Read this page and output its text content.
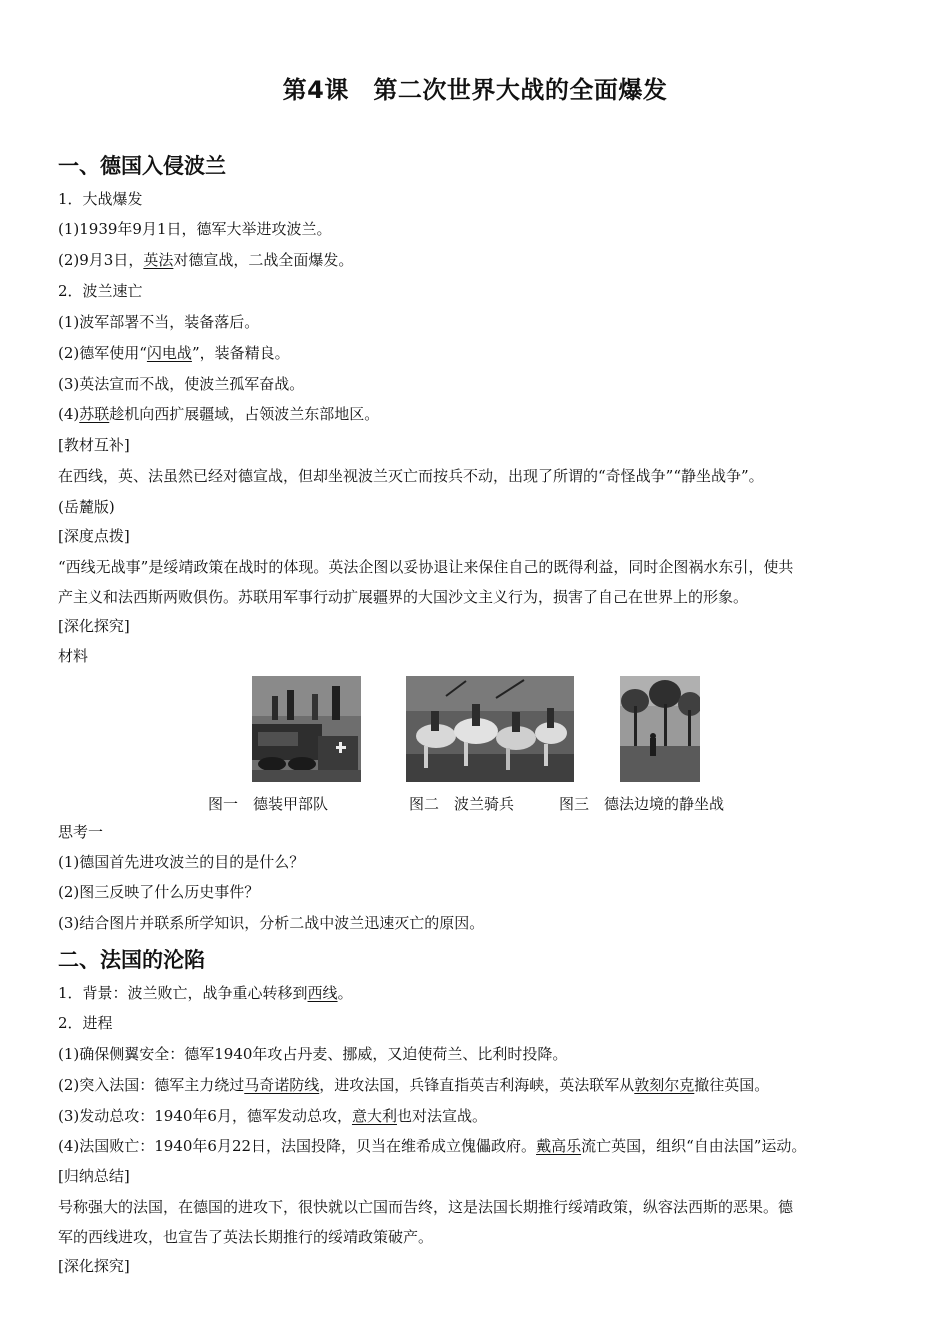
第4课　第二次世界大战的全面爆发
一、德国入侵波兰
1．大战爆发
(1)1939年9月1日，德军大举进攻波兰。
(2)9月3日，英法对德宣战，二战全面爆发。
2．波兰速亡
(1)波军部署不当，装备落后。
(2)德军使用“闪电战”，装备精良。
(3)英法宣而不战，使波兰孤军奋战。
(4)苏联趁机向西扩展疆域，占领波兰东部地区。
[教材互补]
在西线，英、法虽然已经对德宣战，但却坐视波兰灭亡而按兵不动，出现了所谓的“奇怪战争”“静坐战争”。
(岳麓版)
[深度点拨]
“西线无战事”是绥靖政策在战时的体现。英法企图以妥协退让来保住自己的既得利益，同时企图祸水东引，使共
产主义和法西斯两败俱伤。苏联用军事行动扩展疆界的大国沙文主义行为，损害了自己在世界上的形象。
[深化探究]
材料
图一　德装甲部队	图二　波兰骑兵	图三　德法边境的静坐战
思考一
(1)德国首先进攻波兰的目的是什么？
(2)图三反映了什么历史事件？
(3)结合图片并联系所学知识，分析二战中波兰迅速灭亡的原因。
二、法国的沦陷
1．背景：波兰败亡，战争重心转移到西线。
2．进程
(1)确保侧翼安全：德军1940年攻占丹麦、挪威，又迫使荷兰、比利时投降。
(2)突入法国：德军主力绕过马奇诺防线，进攻法国，兵锋直指英吉利海峡，英法联军从敦刻尔克撤往英国。
(3)发动总攻：1940年6月，德军发动总攻，意大利也对法宣战。
(4)法国败亡：1940年6月22日，法国投降，贝当在维希成立傀儡政府。戴高乐流亡英国，组织“自由法国”运动。
[归纳总结]
号称强大的法国，在德国的进攻下，很快就以亡国而告终，这是法国长期推行绥靖政策，纵容法西斯的恶果。德
军的西线进攻，也宣告了英法长期推行的绥靖政策破产。
[深化探究]
